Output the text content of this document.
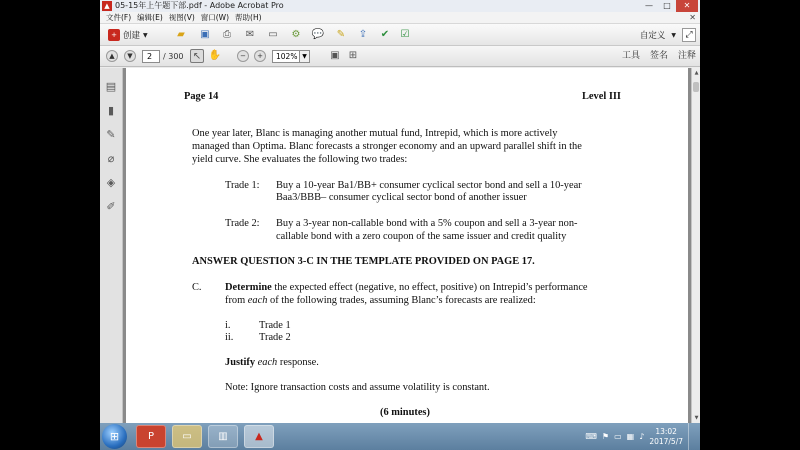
▲ 05-15年上午题下部.pdf - Adobe Acrobat Pro	—	□	✕
文件(F) 编辑(E) 视图(V) 窗口(W) 帮助(H)	✕
+ 创建 ▼	▰	▣	⎙	✉ ▭ ⚙ 💬 ✎ ⇪ ✔ ☑	自定义 ▼	⤢
▲	▼	2	/ 300 ↖ ✋	−	+	102% ▼	▣ ⊞	工具 签名 注释
▤
▮
✎
⌀
◈
✐
Page 14	Level III
One year later, Blanc is managing another mutual fund, Intrepid, which is more actively
managed than Optima. Blanc forecasts a stronger economy and an upward parallel shift in the
yield curve. She evaluates the following two trades:
Trade 1: Buy a 10-year Ba1/BB+ consumer cyclical sector bond and sell a 10-year
Baa3/BBB– consumer cyclical sector bond of another issuer
Trade 2: Buy a 3-year non-callable bond with a 5% coupon and sell a 3-year non-
callable bond with a zero coupon of the same issuer and credit quality
ANSWER QUESTION 3-C IN THE TEMPLATE PROVIDED ON PAGE 17.
C. Determine the expected effect (negative, no effect, positive) on Intrepid’s performance
from each of the following trades, assuming Blanc’s forecasts are realized:
i.	Trade 1
ii. Trade 2
Justify each response.
Note: Ignore transaction costs and assume volatility is constant.
(6 minutes)
▲
▼
⊞	P	▭	▥	▲	⌨ ⚑ ▭ ▦ ♪
13:02
2017/5/7
